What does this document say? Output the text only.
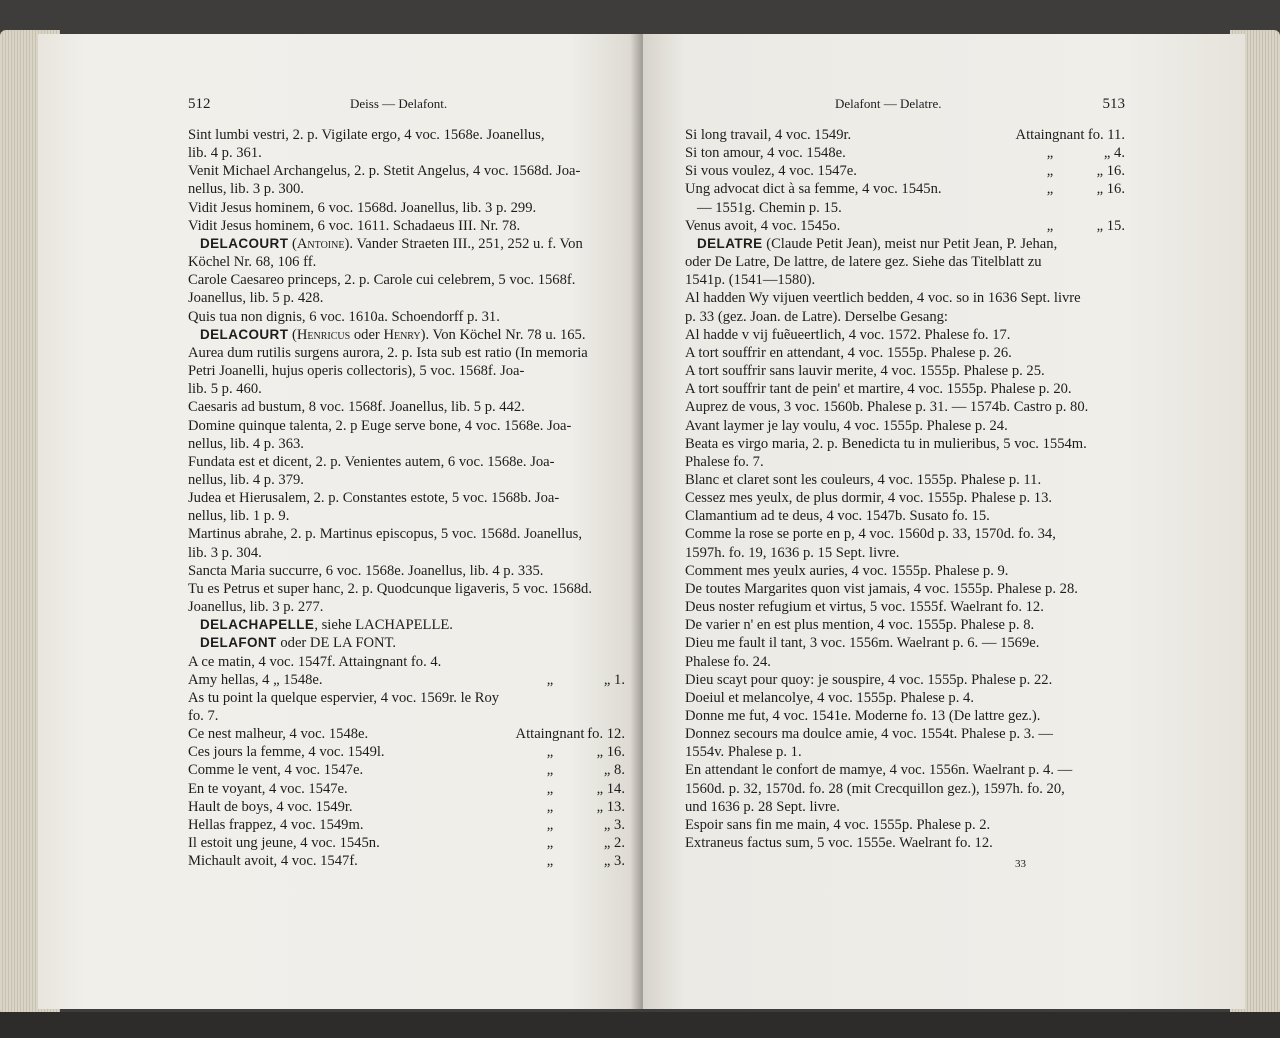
512	Deiss — Delafont.
Sint lumbi vestri, 2. p. Vigilate ergo, 4 voc. 1568e. Joanellus,
lib. 4 p. 361.
Venit Michael Archangelus, 2. p. Stetit Angelus, 4 voc. 1568d. Joa-
nellus, lib. 3 p. 300.
Vidit Jesus hominem, 6 voc. 1568d. Joanellus, lib. 3 p. 299.
Vidit Jesus hominem, 6 voc. 1611. Schadaeus III. Nr. 78.
DELACOURT (Antoine). Vander Straeten III., 251, 252 u. f. Von
Köchel Nr. 68, 106 ff.
Carole Caesareo princeps, 2. p. Carole cui celebrem, 5 voc. 1568f.
Joanellus, lib. 5 p. 428.
Quis tua non dignis, 6 voc. 1610a. Schoendorff p. 31.
DELACOURT (Henricus oder Henry). Von Köchel Nr. 78 u. 165.
Aurea dum rutilis surgens aurora, 2. p. Ista sub est ratio (In memoria
Petri Joanelli, hujus operis collectoris), 5 voc. 1568f. Joa-
lib. 5 p. 460.
Caesaris ad bustum, 8 voc. 1568f. Joanellus, lib. 5 p. 442.
Domine quinque talenta, 2. p Euge serve bone, 4 voc. 1568e. Joa-
nellus, lib. 4 p. 363.
Fundata est et dicent, 2. p. Venientes autem, 6 voc. 1568e. Joa-
nellus, lib. 4 p. 379.
Judea et Hierusalem, 2. p. Constantes estote, 5 voc. 1568b. Joa-
nellus, lib. 1 p. 9.
Martinus abrahe, 2. p. Martinus episcopus, 5 voc. 1568d. Joanellus,
lib. 3 p. 304.
Sancta Maria succurre, 6 voc. 1568e. Joanellus, lib. 4 p. 335.
Tu es Petrus et super hanc, 2. p. Quodcunque ligaveris, 5 voc. 1568d.
Joanellus, lib. 3 p. 277.
DELACHAPELLE, siehe LACHAPELLE.
DELAFONT oder DE LA FONT.
A ce matin, 4 voc. 1547f. Attaingnant fo. 4.
Amy hellas, 4 „ 1548e.	„	„ 1.
As tu point la quelque espervier, 4 voc. 1569r. le Roy fo. 7.
Ce nest malheur, 4 voc. 1548e.	Attaingnant fo. 12.
Ces jours la femme, 4 voc. 1549l.	„	„ 16.
Comme le vent, 4 voc. 1547e.	„	„ 8.
En te voyant, 4 voc. 1547e.	„	„ 14.
Hault de boys, 4 voc. 1549r.	„	„ 13.
Hellas frappez, 4 voc. 1549m.	„	„ 3.
Il estoit ung jeune, 4 voc. 1545n.	„	„ 2.
Michault avoit, 4 voc. 1547f.	„	„ 3.
Delafont — Delatre.	513
Si long travail, 4 voc. 1549r.	Attaingnant fo. 11.
Si ton amour, 4 voc. 1548e.	„	„ 4.
Si vous voulez, 4 voc. 1547e.	„	„ 16.
Ung advocat dict à sa femme, 4 voc. 1545n.	„	„ 16.
— 1551g. Chemin p. 15.
Venus avoit, 4 voc. 1545o.	„	„ 15.
DELATRE (Claude Petit Jean), meist nur Petit Jean, P. Jehan,
oder De Latre, De lattre, de latere gez. Siehe das Titelblatt zu
1541p. (1541—1580).
Al hadden Wy vijuen veertlich bedden, 4 voc. so in 1636 Sept. livre
p. 33 (gez. Joan. de Latre). Derselbe Gesang:
Al hadde v vij fuẽueertlich, 4 voc. 1572. Phalese fo. 17.
A tort souffrir en attendant, 4 voc. 1555p. Phalese p. 26.
A tort souffrir sans lauvir merite, 4 voc. 1555p. Phalese p. 25.
A tort souffrir tant de pein' et martire, 4 voc. 1555p. Phalese p. 20.
Auprez de vous, 3 voc. 1560b. Phalese p. 31. — 1574b. Castro p. 80.
Avant laymer je lay voulu, 4 voc. 1555p. Phalese p. 24.
Beata es virgo maria, 2. p. Benedicta tu in mulieribus, 5 voc. 1554m.
Phalese fo. 7.
Blanc et claret sont les couleurs, 4 voc. 1555p. Phalese p. 11.
Cessez mes yeulx, de plus dormir, 4 voc. 1555p. Phalese p. 13.
Clamantium ad te deus, 4 voc. 1547b. Susato fo. 15.
Comme la rose se porte en p, 4 voc. 1560d p. 33, 1570d. fo. 34,
1597h. fo. 19, 1636 p. 15 Sept. livre.
Comment mes yeulx auries, 4 voc. 1555p. Phalese p. 9.
De toutes Margarites quon vist jamais, 4 voc. 1555p. Phalese p. 28.
Deus noster refugium et virtus, 5 voc. 1555f. Waelrant fo. 12.
De varier n' en est plus mention, 4 voc. 1555p. Phalese p. 8.
Dieu me fault il tant, 3 voc. 1556m. Waelrant p. 6. — 1569e.
Phalese fo. 24.
Dieu scayt pour quoy: je souspire, 4 voc. 1555p. Phalese p. 22.
Doeiul et melancolye, 4 voc. 1555p. Phalese p. 4.
Donne me fut, 4 voc. 1541e. Moderne fo. 13 (De lattre gez.).
Donnez secours ma doulce amie, 4 voc. 1554t. Phalese p. 3. —
1554v. Phalese p. 1.
En attendant le confort de mamye, 4 voc. 1556n. Waelrant p. 4. —
1560d. p. 32, 1570d. fo. 28 (mit Crecquillon gez.), 1597h. fo. 20,
und 1636 p. 28 Sept. livre.
Espoir sans fin me main, 4 voc. 1555p. Phalese p. 2.
Extraneus factus sum, 5 voc. 1555e. Waelrant fo. 12.
33
